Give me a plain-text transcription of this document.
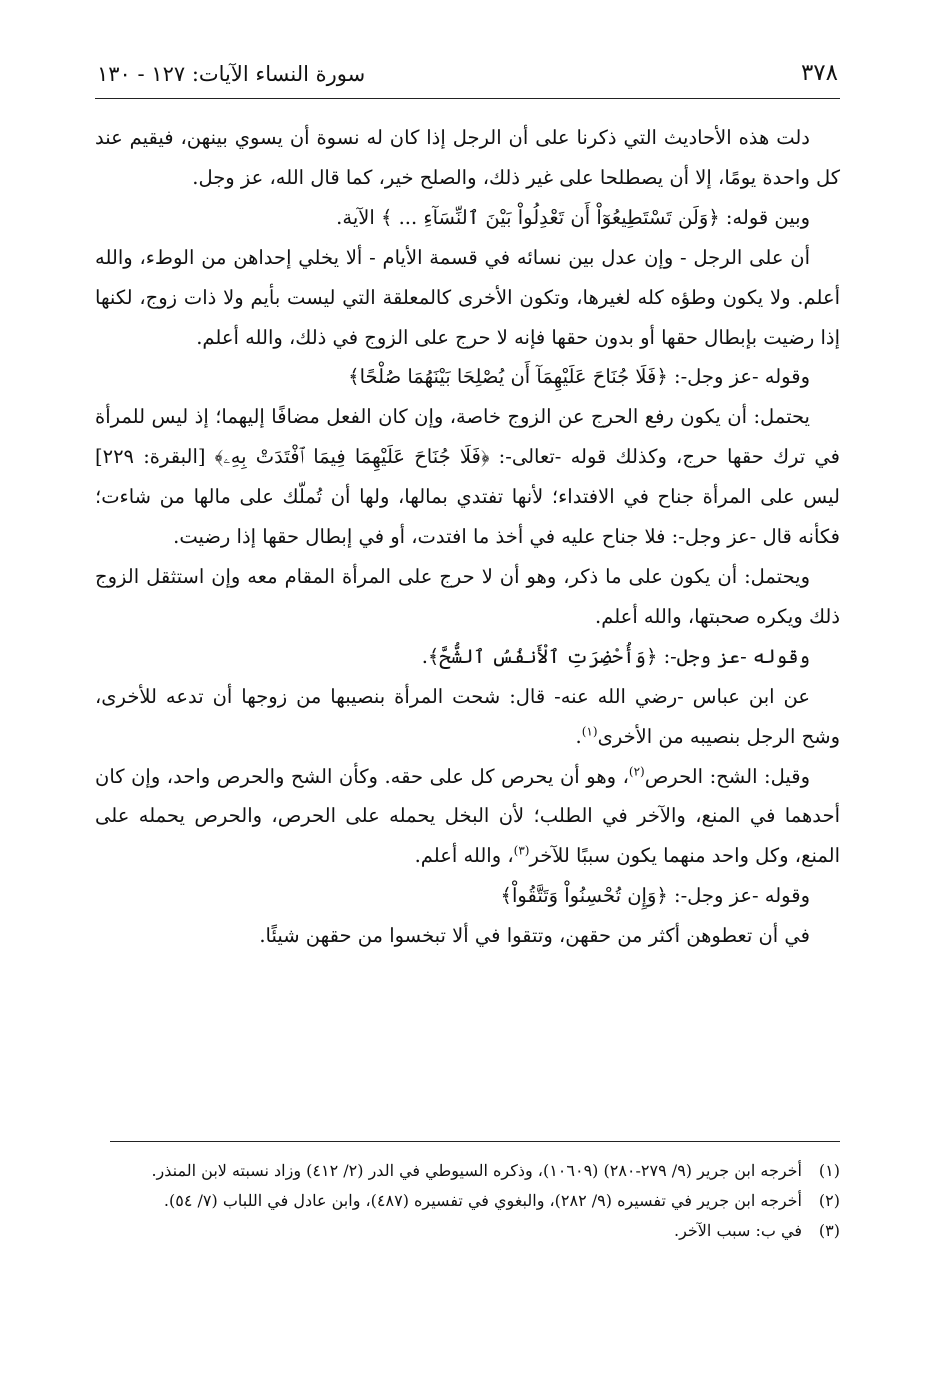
٣٧٨
سورة النساء الآيات: ١٢٧ - ١٣٠

دلت هذه الأحاديث التي ذكرنا على أن الرجل إذا كان له نسوة أن يسوي بينهن، فيقيم عند كل واحدة يومًا، إلا أن يصطلحا على غير ذلك، والصلح خير، كما قال الله، عز وجل.

وبين قوله: ﴿وَلَن تَسْتَطِيعُوٓاْ أَن تَعْدِلُواْ بَيْنَ ٱلنِّسَآءِ ... ﴾ الآية.

أن على الرجل - وإن عدل بين نسائه في قسمة الأيام - ألا يخلي إحداهن من الوطء، والله أعلم. ولا يكون وطؤه كله لغيرها، وتكون الأخرى كالمعلقة التي ليست بأيم ولا ذات زوج، لكنها إذا رضيت بإبطال حقها أو بدون حقها فإنه لا حرج على الزوج في ذلك، والله أعلم.

وقوله -عز وجل-: ﴿فَلَا جُنَاحَ عَلَيْهِمَآ أَن يُصْلِحَا بَيْنَهُمَا صُلْحًا﴾

يحتمل: أن يكون رفع الحرج عن الزوج خاصة، وإن كان الفعل مضافًا إليهما؛ إذ ليس للمرأة في ترك حقها حرج، وكذلك قوله -تعالى-: ﴿فَلَا جُنَاحَ عَلَيْهِمَا فِيمَا ٱفْتَدَتْ بِهِۦ﴾ [البقرة: ٢٢٩] ليس على المرأة جناح في الافتداء؛ لأنها تفتدي بمالها، ولها أن تُملّك على مالها من شاءت؛ فكأنه قال -عز وجل-: فلا جناح عليه في أخذ ما افتدت، أو في إبطال حقها إذا رضيت.

ويحتمل: أن يكون على ما ذكر، وهو أن لا حرج على المرأة المقام معه وإن استثقل الزوج ذلك ويكره صحبتها، والله أعلم.

وقوله -عز وجل-: ﴿وَأُحْضِرَتِ ٱلْأَنفُسُ ٱلشُّحَّ﴾.

عن ابن عباس -رضي الله عنه- قال: شحت المرأة بنصيبها من زوجها أن تدعه للأخرى، وشح الرجل بنصيبه من الأخرى$^{(١)}$.

وقيل: الشح: الحرص$^{(٢)}$، وهو أن يحرص كل على حقه. وكأن الشح والحرص واحد، وإن كان أحدهما في المنع، والآخر في الطلب؛ لأن البخل يحمله على الحرص، والحرص يحمله على المنع، وكل واحد منهما يكون سببًا للآخر$^{(٣)}$، والله أعلم.

وقوله -عز وجل-: ﴿وَإِن تُحْسِنُواْ وَتَتَّقُواْ﴾

في أن تعطوهن أكثر من حقهن، وتتقوا في ألا تبخسوا من حقهن شيئًا.

(١)
أخرجه ابن جرير (٩/ ٢٧٩-٢٨٠) (١٠٦٠٩)، وذكره السيوطي في الدر (٢/ ٤١٢) وزاد نسبته لابن المنذر.
(٢)
أخرجه ابن جرير في تفسيره (٩/ ٢٨٢)، والبغوي في تفسيره (٤٨٧)، وابن عادل في اللباب (٧/ ٥٤).
(٣)
في ب: سبب الآخر.
